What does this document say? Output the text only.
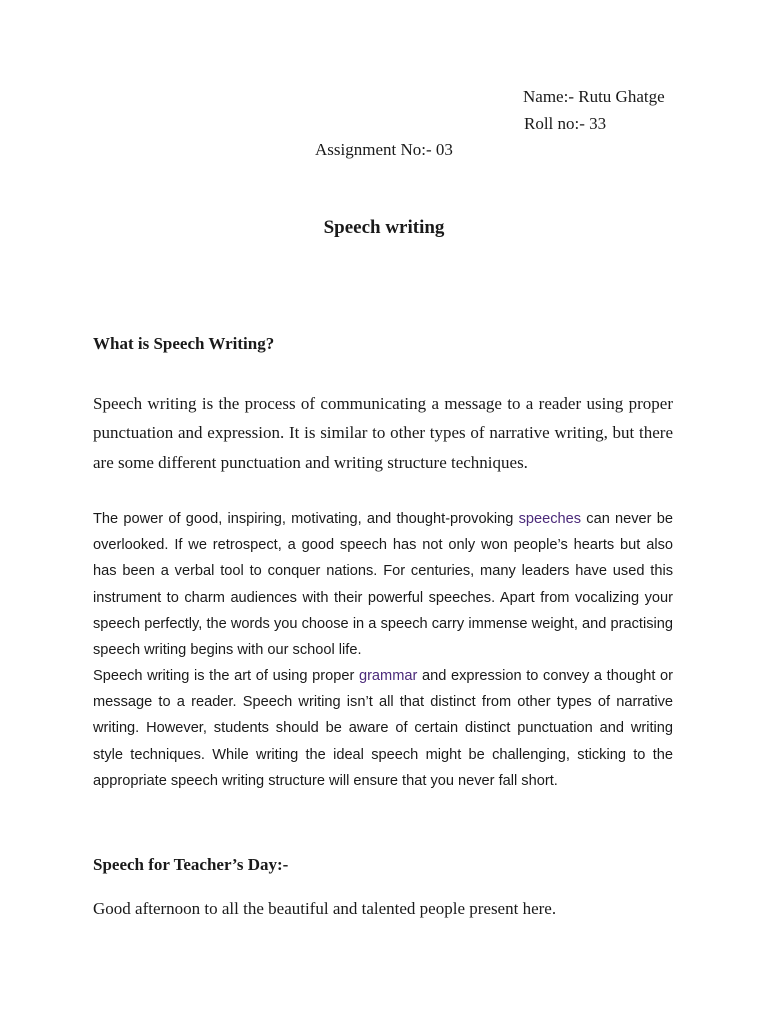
Name:- Rutu Ghatge
Roll no:- 33
Assignment No:- 03
Speech writing
What is Speech Writing?

Speech writing is the process of communicating a message to a reader using proper punctuation and expression. It is similar to other types of narrative writing, but there are some different punctuation and writing structure techniques.

The power of good, inspiring, motivating, and thought-provoking speeches can never be overlooked. If we retrospect, a good speech has not only won people’s hearts but also has been a verbal tool to conquer nations. For centuries, many leaders have used this instrument to charm audiences with their powerful speeches. Apart from vocalizing your speech perfectly, the words you choose in a speech carry immense weight, and practising speech writing begins with our school life.

Speech writing is the art of using proper grammar and expression to convey a thought or message to a reader. Speech writing isn’t all that distinct from other types of narrative writing. However, students should be aware of certain distinct punctuation and writing style techniques. While writing the ideal speech might be challenging, sticking to the appropriate speech writing structure will ensure that you never fall short.

Speech for Teacher’s Day:-
Good afternoon to all the beautiful and talented people present here.
